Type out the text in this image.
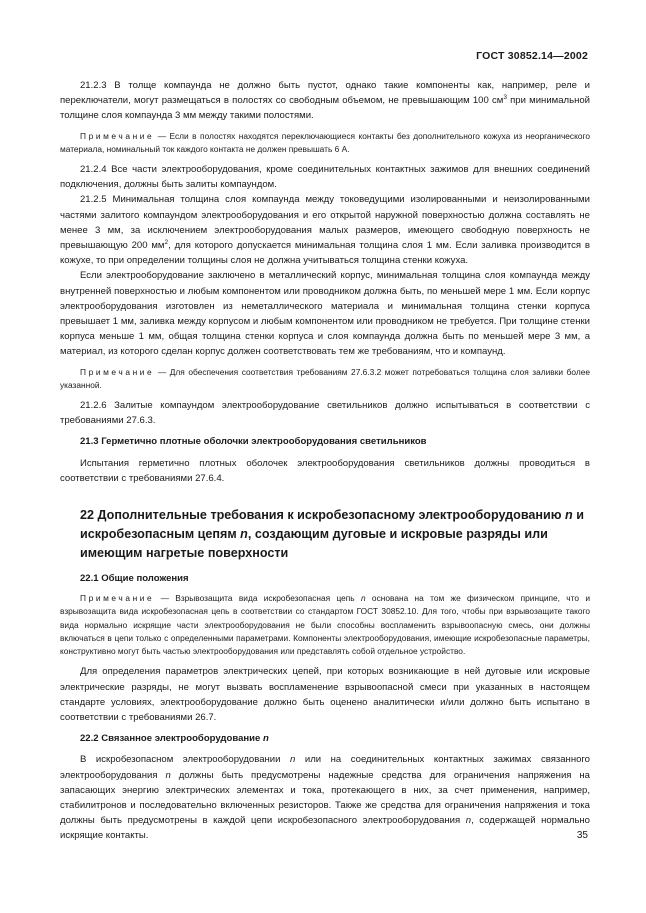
ГОСТ 30852.14—2002

21.2.3 В толще компаунда не должно быть пустот, однако такие компоненты как, например, реле и переключатели, могут размещаться в полостях со свободным объемом, не превышающим 100 $см^3$ при минимальной толщине слоя компаунда 3 мм между такими полостями.

Примечание — Если в полостях находятся переключающиеся контакты без дополнительного кожуха из неорганического материала, номинальный ток каждого контакта не должен превышать 6 А.

21.2.4 Все части электрооборудования, кроме соединительных контактных зажимов для внешних соединений подключения, должны быть залиты компаундом.

21.2.5 Минимальная толщина слоя компаунда между токоведущими изолированными и неизолированными частями залитого компаундом электрооборудования и его открытой наружной поверхностью должна составлять не менее 3 мм, за исключением электрооборудования малых размеров, имеющего свободную поверхность не превышающую 200 $мм^2$, для которого допускается минимальная толщина слоя 1 мм. Если заливка производится в кожухе, то при определении толщины слоя не должна учитываться толщина стенки кожуха.

Если электрооборудование заключено в металлический корпус, минимальная толщина слоя компаунда между внутренней поверхностью и любым компонентом или проводником должна быть, по меньшей мере 1 мм. Если корпус электрооборудования изготовлен из неметаллического материала и минимальная толщина стенки корпуса превышает 1 мм, заливка между корпусом и любым компонентом или проводником не требуется. При толщине стенки корпуса меньше 1 мм, общая толщина стенки корпуса и слоя компаунда должна быть по меньшей мере 3 мм, а материал, из которого сделан корпус должен соответствовать тем же требованиям, что и компаунд.

Примечание — Для обеспечения соответствия требованиям 27.6.3.2 может потребоваться толщина слоя заливки более указанной.

21.2.6 Залитые компаундом электрооборудование светильников должно испытываться в соответствии с требованиями 27.6.3.

21.3 Герметично плотные оболочки электрооборудования светильников

Испытания герметично плотных оболочек электрооборудования светильников должны проводиться в соответствии с требованиями 27.6.4.

22 Дополнительные требования к искробезопасному электрооборудованию n и искробезопасным цепям n, создающим дуговые и искровые разряды или имеющим нагретые поверхности

22.1 Общие положения

Примечание — Взрывозащита вида искробезопасная цепь n основана на том же физическом принципе, что и взрывозащита вида искробезопасная цепь в соответствии со стандартом ГОСТ 30852.10. Для того, чтобы при взрывозащите такого вида нормально искрящие части электрооборудования не были способны воспламенить взрывоопасную смесь, они должны включаться в цепи только с определенными параметрами. Компоненты электрооборудования, имеющие искробезопасные параметры, конструктивно могут быть частью электрооборудования или представлять собой отдельное устройство.

Для определения параметров электрических цепей, при которых возникающие в ней дуговые или искровые электрические разряды, не могут вызвать воспламенение взрывоопасной смеси при указанных в настоящем стандарте условиях, электрооборудование должно быть оценено аналитически и/или должно быть испытано в соответствии с требованиями 26.7.

22.2 Связанное электрооборудование n

В искробезопасном электрооборудовании n или на соединительных контактных зажимах связанного электрооборудования n должны быть предусмотрены надежные средства для ограничения напряжения на запасающих энергию электрических элементах и тока, протекающего в них, за счет применения, например, стабилитронов и последовательно включенных резисторов. Также же средства для ограничения напряжения и тока должны быть предусмотрены в каждой цепи искробезопасного электрооборудования n, содержащей нормально искрящие контакты.	35
